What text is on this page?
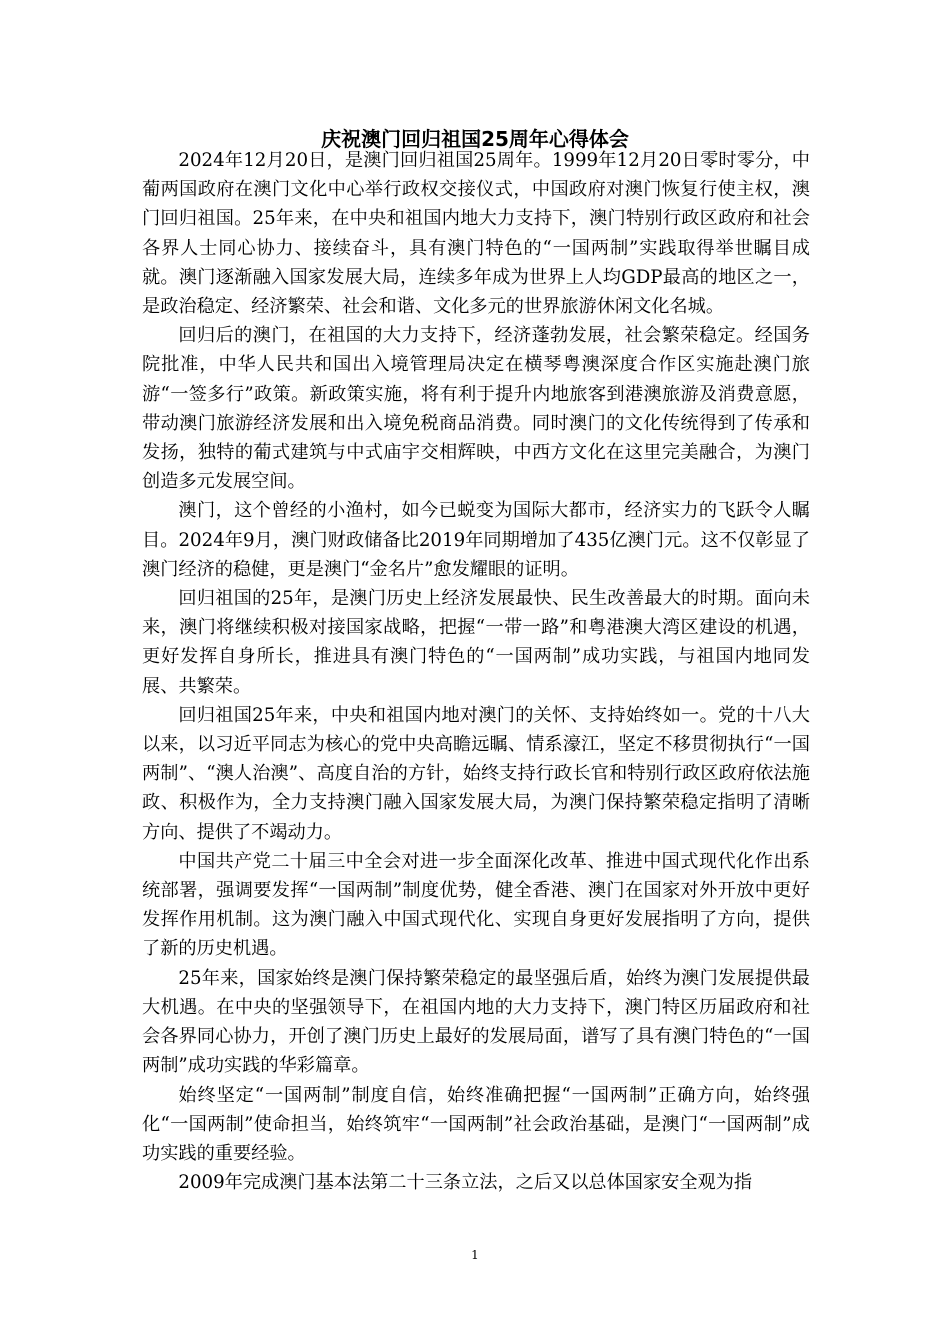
庆祝澳门回归祖国25周年心得体会

2024年12月20日，是澳门回归祖国25周年。1999年12月20日零时零分，中葡两国政府在澳门文化中心举行政权交接仪式，中国政府对澳门恢复行使主权，澳门回归祖国。25年来，在中央和祖国内地大力支持下，澳门特别行政区政府和社会各界人士同心协力、接续奋斗，具有澳门特色的“一国两制”实践取得举世瞩目成就。澳门逐渐融入国家发展大局，连续多年成为世界上人均GDP最高的地区之一，是政治稳定、经济繁荣、社会和谐、文化多元的世界旅游休闲文化名城。

回归后的澳门，在祖国的大力支持下，经济蓬勃发展，社会繁荣稳定。经国务院批准，中华人民共和国出入境管理局决定在横琴粤澳深度合作区实施赴澳门旅游“一签多行”政策。新政策实施，将有利于提升内地旅客到港澳旅游及消费意愿，带动澳门旅游经济发展和出入境免税商品消费。同时澳门的文化传统得到了传承和发扬，独特的葡式建筑与中式庙宇交相辉映，中西方文化在这里完美融合，为澳门创造多元发展空间。

澳门，这个曾经的小渔村，如今已蜕变为国际大都市，经济实力的飞跃令人瞩目。2024年9月，澳门财政储备比2019年同期增加了435亿澳门元。这不仅彰显了澳门经济的稳健，更是澳门“金名片”愈发耀眼的证明。

回归祖国的25年，是澳门历史上经济发展最快、民生改善最大的时期。面向未来，澳门将继续积极对接国家战略，把握“一带一路”和粤港澳大湾区建设的机遇，更好发挥自身所长，推进具有澳门特色的“一国两制”成功实践，与祖国内地同发展、共繁荣。

回归祖国25年来，中央和祖国内地对澳门的关怀、支持始终如一。党的十八大以来，以习近平同志为核心的党中央高瞻远瞩、情系濠江，坚定不移贯彻执行“一国两制”、“澳人治澳”、高度自治的方针，始终支持行政长官和特别行政区政府依法施政、积极作为，全力支持澳门融入国家发展大局，为澳门保持繁荣稳定指明了清晰方向、提供了不竭动力。

中国共产党二十届三中全会对进一步全面深化改革、推进中国式现代化作出系统部署，强调要发挥“一国两制”制度优势，健全香港、澳门在国家对外开放中更好发挥作用机制。这为澳门融入中国式现代化、实现自身更好发展指明了方向，提供了新的历史机遇。

25年来，国家始终是澳门保持繁荣稳定的最坚强后盾，始终为澳门发展提供最大机遇。在中央的坚强领导下，在祖国内地的大力支持下，澳门特区历届政府和社会各界同心协力，开创了澳门历史上最好的发展局面，谱写了具有澳门特色的“一国两制”成功实践的华彩篇章。

始终坚定“一国两制”制度自信，始终准确把握“一国两制”正确方向，始终强化“一国两制”使命担当，始终筑牢“一国两制”社会政治基础，是澳门“一国两制”成功实践的重要经验。

2009年完成澳门基本法第二十三条立法，之后又以总体国家安全观为指

1
